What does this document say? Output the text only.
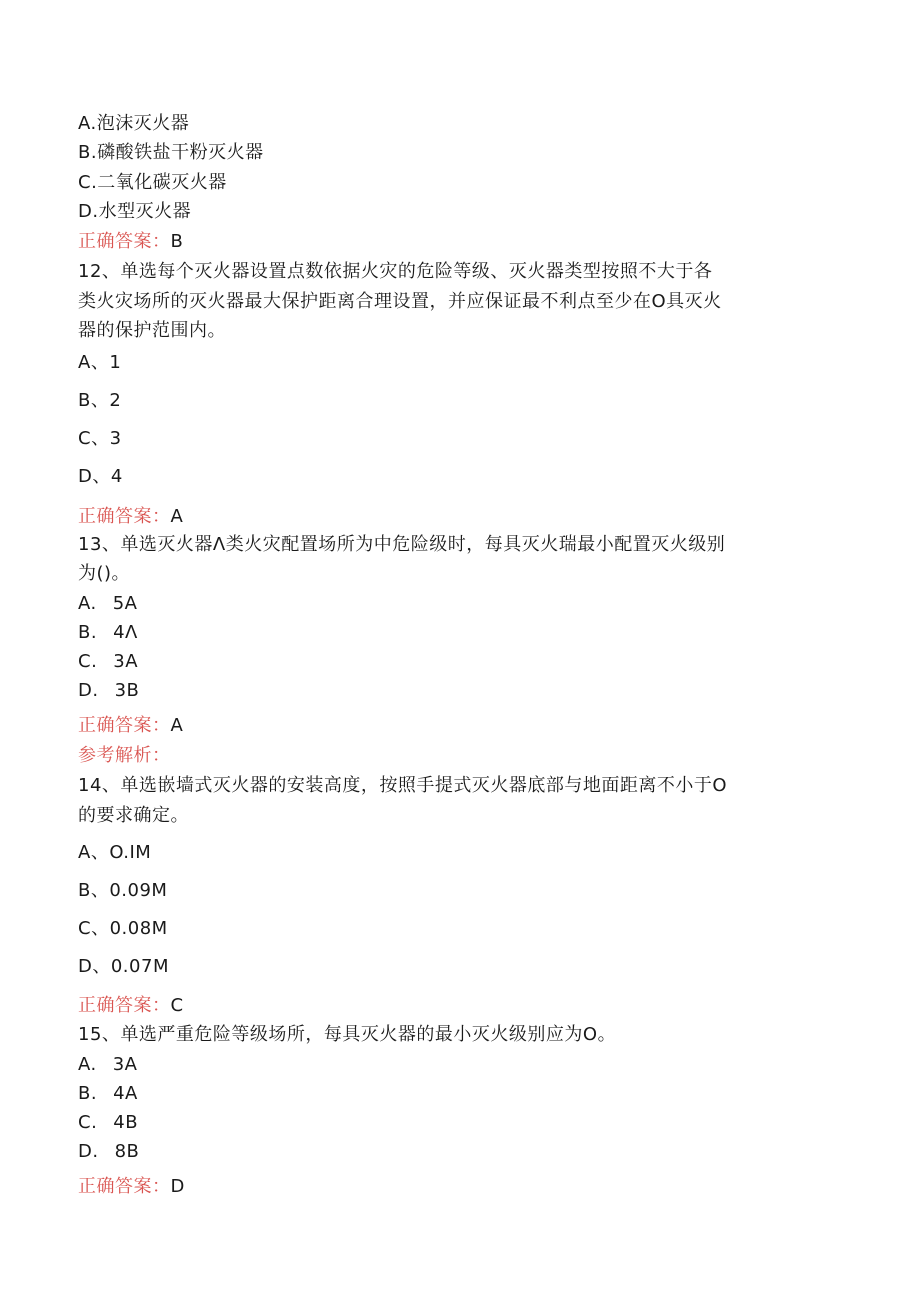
A.泡沫灭火器
B.磷酸铁盐干粉灭火器
C.二氧化碳灭火器
D.水型灭火器
正确答案：B
12、单选每个灭火器设置点数依据火灾的危险等级、灭火器类型按照不大于各
类火灾场所的灭火器最大保护距离合理设置，并应保证最不利点至少在O具灭火
器的保护范围内。
A、1
B、2
C、3
D、4
正确答案：A
13、单选灭火器Λ类火灾配置场所为中危险级时，每具灭火瑞最小配置灭火级别
为()。
A. 5A
B. 4Λ
C. 3A
D. 3B
正确答案：A
参考解析：
14、单选嵌墙式灭火器的安装高度，按照手提式灭火器底部与地面距离不小于O
的要求确定。
A、O.IM
B、0.09M
C、0.08M
D、0.07M
正确答案：C
15、单选严重危险等级场所，每具灭火器的最小灭火级别应为O。
A. 3A
B. 4A
C. 4B
D. 8B
正确答案：D
